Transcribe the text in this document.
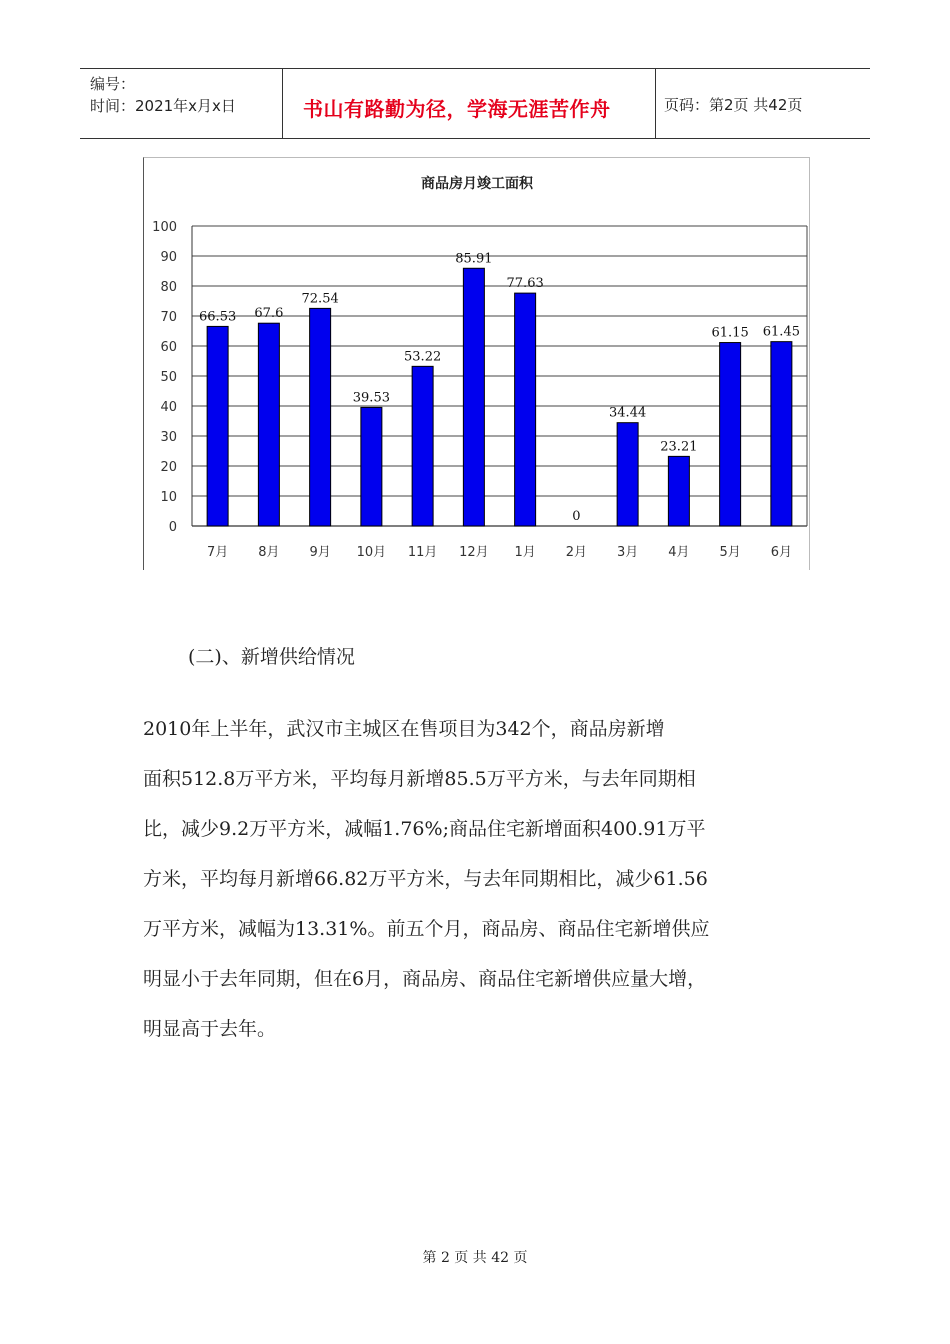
编号：
时间：2021年x月x日	书山有路勤为径，学海无涯苦作舟	页码：第2页 共42页
商品房月竣工面积
0
10
20
30
40
50
60
70
80
90
100
66.53
7月
67.6
8月
72.54
9月
39.53
10月
53.22
11月
85.91
12月
77.63
1月
0
2月
34.44
3月
23.21
4月
61.15
5月
61.45
6月
(二)、新增供给情况
2010年上半年，武汉市主城区在售项目为342个，商品房新增
面积512.8万平方米，平均每月新增85.5万平方米，与去年同期相
比，减少9.2万平方米，减幅1.76%;商品住宅新增面积400.91万平
方米，平均每月新增66.82万平方米，与去年同期相比，减少61.56
万平方米，减幅为13.31%。前五个月，商品房、商品住宅新增供应
明显小于去年同期，但在6月，商品房、商品住宅新增供应量大增，
明显高于去年。
第 2 页 共 42 页
